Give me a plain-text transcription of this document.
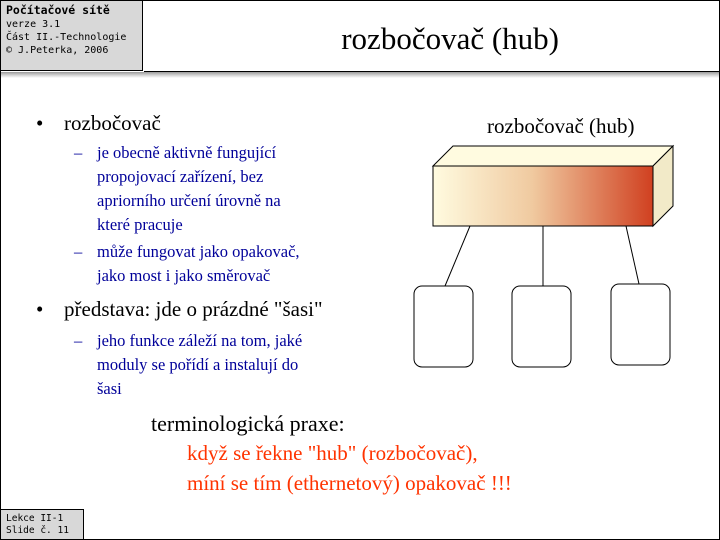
Počítačové sítě
verze 3.1
Část II.-Technologie
© J.Peterka, 2006	rozbočovač (hub)
• rozbočovač
– je obecně aktivně fungující
propojovací zařízení, bez
apriorního určení úrovně na
které pracuje
– může fungovat jako opakovač,
jako most i jako směrovač
• představa: jde o prázdné "šasi"
– jeho funkce záleží na tom, jaké
moduly se pořídí a instalují do
šasi
terminologická praxe:
když se řekne "hub" (rozbočovač),
míní se tím (ethernetový) opakovač !!!
rozbočovač (hub)
Lekce II-1
Slide č. 11
